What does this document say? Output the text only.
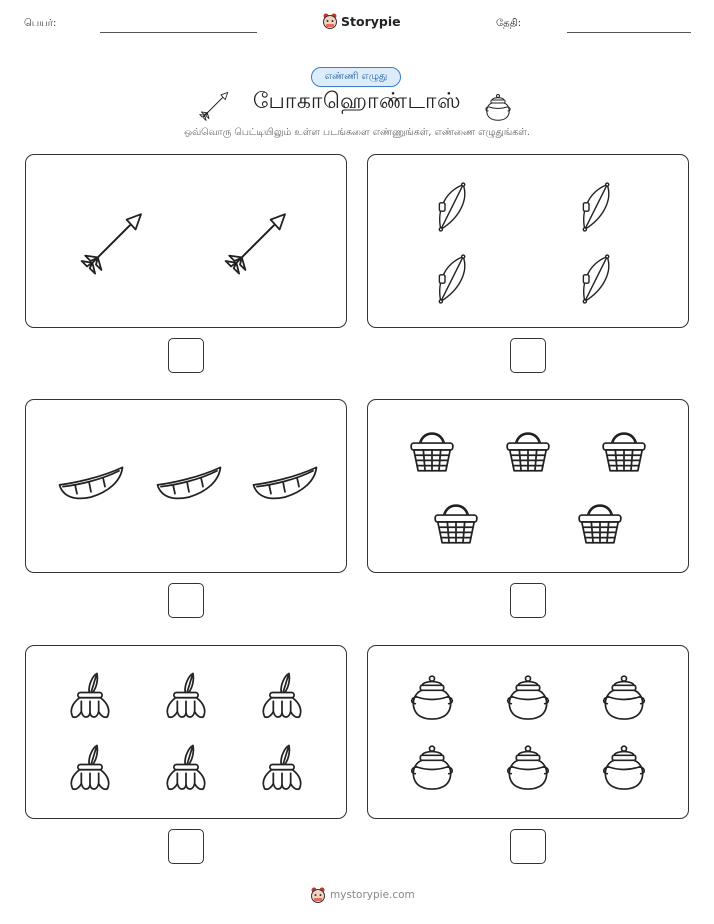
பெயர்:	Storypie	தேதி:
எண்ணி எழுது
போகாஹொண்டாஸ்
ஒவ்வொரு பெட்டியிலும் உள்ள படங்களை எண்ணுங்கள், எண்ணை எழுதுங்கள்.
mystorypie.com
